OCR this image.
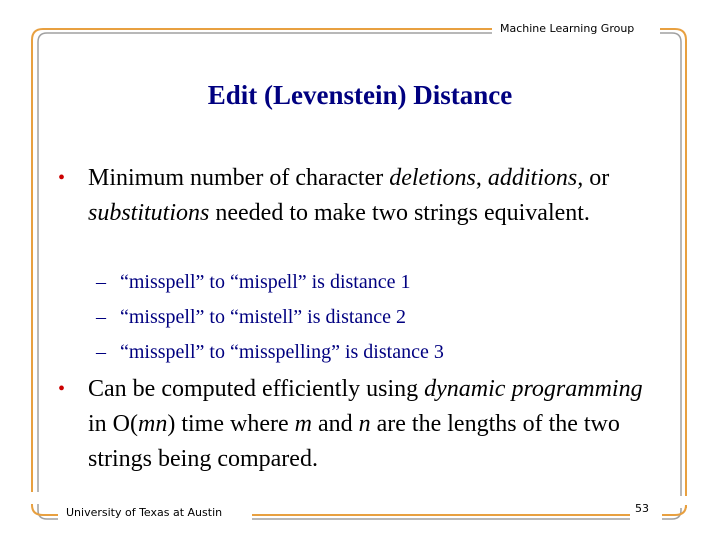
Machine Learning Group
Edit (Levenstein) Distance
• Minimum number of character deletions, additions, or substitutions needed to make two strings equivalent.
– “misspell” to “mispell” is distance 1
– “misspell” to “mistell” is distance 2
– “misspell” to “misspelling” is distance 3
• Can be computed efficiently using dynamic programming in O(mn) time where m and n are the lengths of the two strings being compared.
University of Texas at Austin	53
